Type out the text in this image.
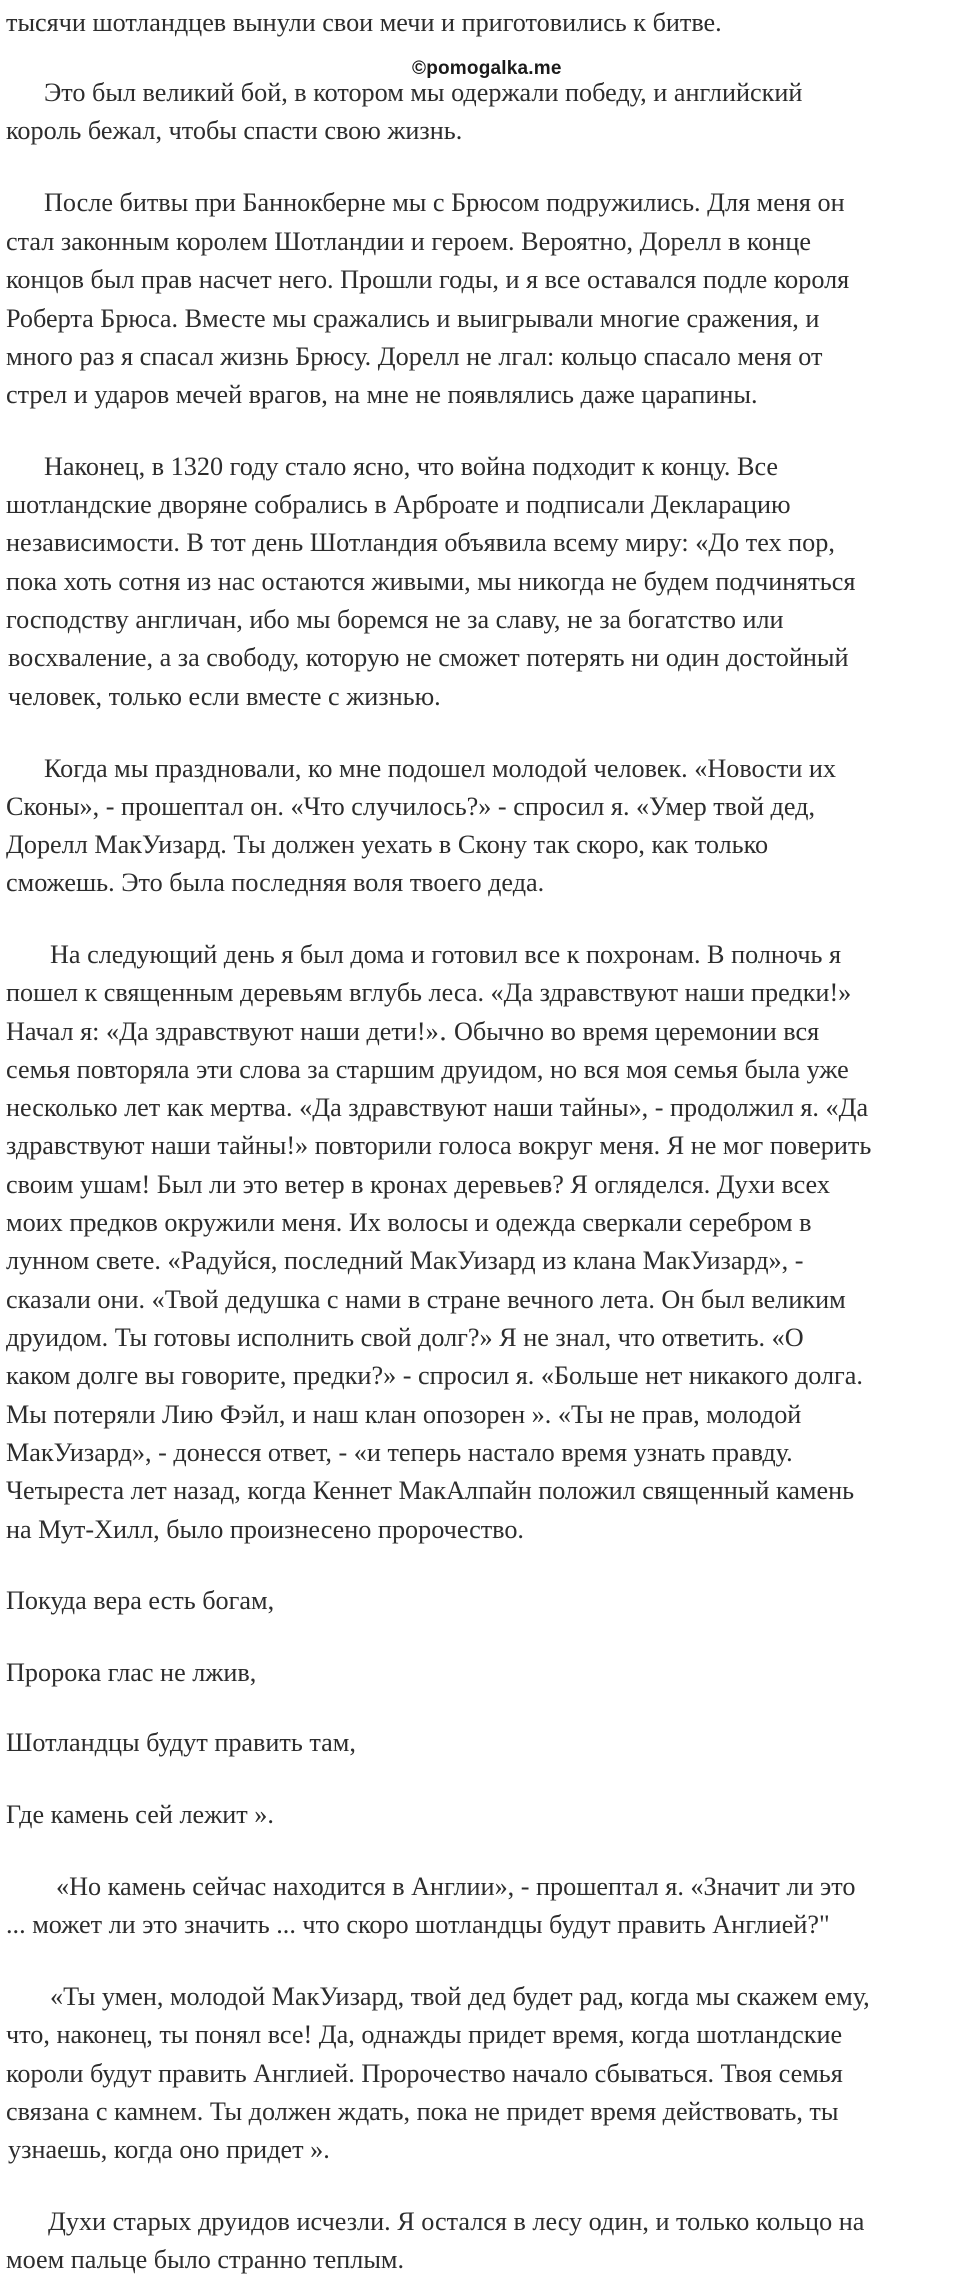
©pomogalka.me
тысячи шотландцев вынули свои мечи и приготовились к битве.
Это был великий бой, в котором мы одержали победу, и английский
король бежал, чтобы спасти свою жизнь.
После битвы при Баннокберне мы с Брюсом подружились. Для меня он
стал законным королем Шотландии и героем. Вероятно, Дорелл в конце
концов был прав насчет него. Прошли годы, и я все оставался подле короля
Роберта Брюса. Вместе мы сражались и выигрывали многие сражения, и
много раз я спасал жизнь Брюсу. Дорелл не лгал: кольцо спасало меня от
стрел и ударов мечей врагов, на мне не появлялись даже царапины.
Наконец, в 1320 году стало ясно, что война подходит к концу. Все
шотландские дворяне собрались в Арброате и подписали Декларацию
независимости. В тот день Шотландия объявила всему миру: «До тех пор,
пока хоть сотня из нас остаются живыми, мы никогда не будем подчиняться
господству англичан, ибо мы боремся не за славу, не за богатство или
восхваление, а за свободу, которую не сможет потерять ни один достойный
человек, только если вместе с жизнью.
Когда мы праздновали, ко мне подошел молодой человек. «Новости их
Сконы», - прошептал он. «Что случилось?» - спросил я. «Умер твой дед,
Дорелл МакУизард. Ты должен уехать в Скону так скоро, как только
сможешь. Это была последняя воля твоего деда.
На следующий день я был дома и готовил все к похронам. В полночь я
пошел к священным деревьям вглубь леса. «Да здравствуют наши предки!»
Начал я: «Да здравствуют наши дети!»․ Обычно во время церемонии вся
семья повторяла эти слова за старшим друидом, но вся моя семья была уже
несколько лет как мертва. «Да здравствуют наши тайны», - продолжил я. «Да
здравствуют наши тайны!» повторили голоса вокруг меня. Я не мог поверить
своим ушам! Был ли это ветер в кронах деревьев? Я огляделся. Духи всех
моих предков окружили меня. Их волосы и одежда сверкали серебром в
лунном свете. «Радуйся, последний МакУизард из клана МакУизард», -
сказали они. «Твой дедушка с нами в стране вечного лета. Он был великим
друидом. Ты готовы исполнить свой долг?» Я не знал, что ответить. «О
каком долге вы говорите, предки?» - спросил я. «Больше нет никакого долга.
Мы потеряли Лию Фэйл, и наш клан опозорен ». «Ты не прав, молодой
МакУизард», - донесся ответ, - «и теперь настало время узнать правду.
Четыреста лет назад, когда Кеннет МакАлпайн положил священный камень
на Мут-Хилл, было произнесено пророчество.
Покуда вера есть богам,
Пророка глас не лжив,
Шотландцы будут править там,
Где камень сей лежит ».
«Но камень сейчас находится в Англии», - прошептал я. «Значит ли это
... может ли это значить ... что скоро шотландцы будут править Англией?"
«Ты умен, молодой МакУизард, твой дед будет рад, когда мы скажем ему,
что, наконец, ты понял все! Да, однажды придет время, когда шотландские
короли будут править Англией. Пророчество начало сбываться. Твоя семья
связана с камнем. Ты должен ждать, пока не придет время действовать, ты
узнаешь, когда оно придет ».
Духи старых друидов исчезли. Я остался в лесу один, и только кольцо на
моем пальце было странно теплым.
